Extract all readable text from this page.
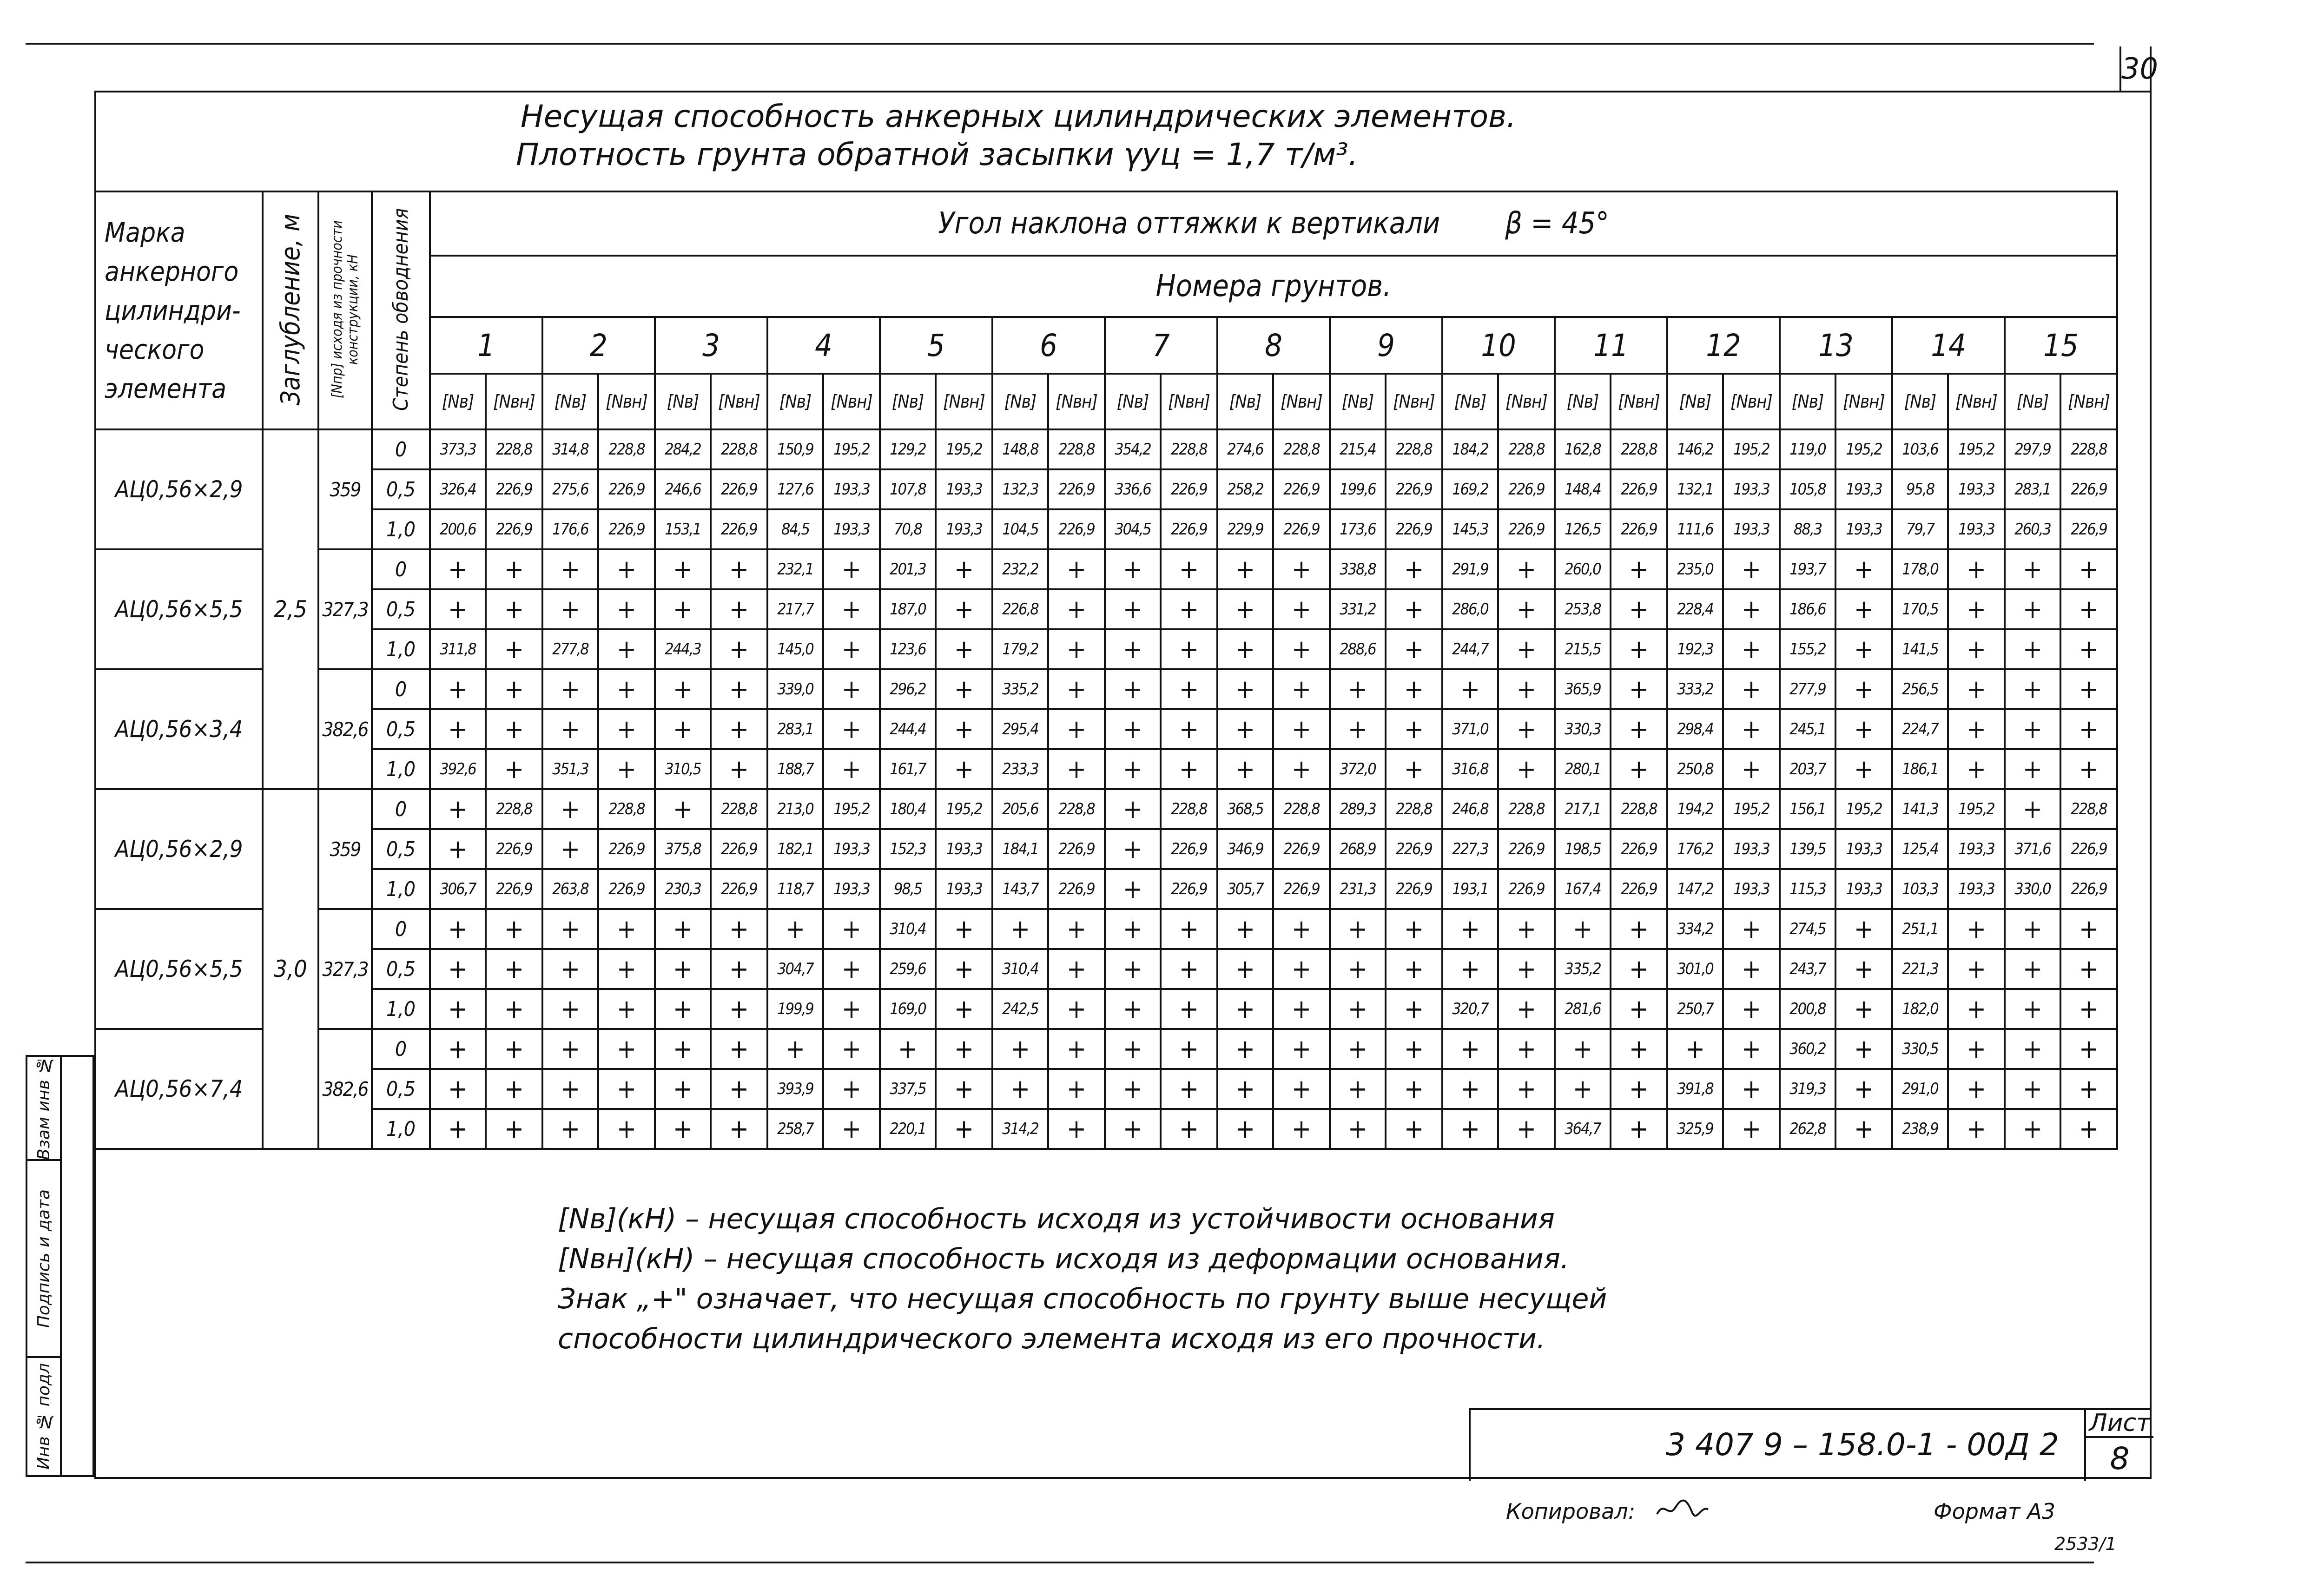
30
Несущая способность анкерных цилиндрических элементов.
Плотность грунта обратной засыпки γуц = 1,7 т/м³.
Взам инв №
Подпись и дата
Инв № подл
Марка анкерного цилиндри- ческого элемента	Заглубление, м	[Nпр] исходя из прочности конструкции, кН	Степень обводнения	Угол наклона оттяжки к вертикали β = 45°																													
				Номера грунтов.																													
				1		2		3		4		5		6		7		8		9		10		11		12		13		14		15	
				[Nв]	[Nвн]	[Nв]	[Nвн]	[Nв]	[Nвн]	[Nв]	[Nвн]	[Nв]	[Nвн]	[Nв]	[Nвн]	[Nв]	[Nвн]	[Nв]	[Nвн]	[Nв]	[Nвн]	[Nв]	[Nвн]	[Nв]	[Nвн]	[Nв]	[Nвн]	[Nв]	[Nвн]	[Nв]	[Nвн]	[Nв]	[Nвн]
АЦ0,56×2,9	2,5	359	0	373,3	228,8	314,8	228,8	284,2	228,8	150,9	195,2	129,2	195,2	148,8	228,8	354,2	228,8	274,6	228,8	215,4	228,8	184,2	228,8	162,8	228,8	146,2	195,2	119,0	195,2	103,6	195,2	297,9	228,8
			0,5	326,4	226,9	275,6	226,9	246,6	226,9	127,6	193,3	107,8	193,3	132,3	226,9	336,6	226,9	258,2	226,9	199,6	226,9	169,2	226,9	148,4	226,9	132,1	193,3	105,8	193,3	95,8	193,3	283,1	226,9
			1,0	200,6	226,9	176,6	226,9	153,1	226,9	84,5	193,3	70,8	193,3	104,5	226,9	304,5	226,9	229,9	226,9	173,6	226,9	145,3	226,9	126,5	226,9	111,6	193,3	88,3	193,3	79,7	193,3	260,3	226,9
АЦ0,56×5,5		327,3	0	+	+	+	+	+	+	232,1	+	201,3	+	232,2	+	+	+	+	+	338,8	+	291,9	+	260,0	+	235,0	+	193,7	+	178,0	+	+	+
			0,5	+	+	+	+	+	+	217,7	+	187,0	+	226,8	+	+	+	+	+	331,2	+	286,0	+	253,8	+	228,4	+	186,6	+	170,5	+	+	+
			1,0	311,8	+	277,8	+	244,3	+	145,0	+	123,6	+	179,2	+	+	+	+	+	288,6	+	244,7	+	215,5	+	192,3	+	155,2	+	141,5	+	+	+
АЦ0,56×3,4		382,6	0	+	+	+	+	+	+	339,0	+	296,2	+	335,2	+	+	+	+	+	+	+	+	+	365,9	+	333,2	+	277,9	+	256,5	+	+	+
			0,5	+	+	+	+	+	+	283,1	+	244,4	+	295,4	+	+	+	+	+	+	+	371,0	+	330,3	+	298,4	+	245,1	+	224,7	+	+	+
			1,0	392,6	+	351,3	+	310,5	+	188,7	+	161,7	+	233,3	+	+	+	+	+	372,0	+	316,8	+	280,1	+	250,8	+	203,7	+	186,1	+	+	+
АЦ0,56×2,9	3,0	359	0	+	228,8	+	228,8	+	228,8	213,0	195,2	180,4	195,2	205,6	228,8	+	228,8	368,5	228,8	289,3	228,8	246,8	228,8	217,1	228,8	194,2	195,2	156,1	195,2	141,3	195,2	+	228,8
			0,5	+	226,9	+	226,9	375,8	226,9	182,1	193,3	152,3	193,3	184,1	226,9	+	226,9	346,9	226,9	268,9	226,9	227,3	226,9	198,5	226,9	176,2	193,3	139,5	193,3	125,4	193,3	371,6	226,9
			1,0	306,7	226,9	263,8	226,9	230,3	226,9	118,7	193,3	98,5	193,3	143,7	226,9	+	226,9	305,7	226,9	231,3	226,9	193,1	226,9	167,4	226,9	147,2	193,3	115,3	193,3	103,3	193,3	330,0	226,9
АЦ0,56×5,5		327,3	0	+	+	+	+	+	+	+	+	310,4	+	+	+	+	+	+	+	+	+	+	+	+	+	334,2	+	274,5	+	251,1	+	+	+
			0,5	+	+	+	+	+	+	304,7	+	259,6	+	310,4	+	+	+	+	+	+	+	+	+	335,2	+	301,0	+	243,7	+	221,3	+	+	+
			1,0	+	+	+	+	+	+	199,9	+	169,0	+	242,5	+	+	+	+	+	+	+	320,7	+	281,6	+	250,7	+	200,8	+	182,0	+	+	+
АЦ0,56×7,4		382,6	0	+	+	+	+	+	+	+	+	+	+	+	+	+	+	+	+	+	+	+	+	+	+	+	+	360,2	+	330,5	+	+	+
			0,5	+	+	+	+	+	+	393,9	+	337,5	+	+	+	+	+	+	+	+	+	+	+	+	+	391,8	+	319,3	+	291,0	+	+	+
			1,0	+	+	+	+	+	+	258,7	+	220,1	+	314,2	+	+	+	+	+	+	+	+	+	364,7	+	325,9	+	262,8	+	238,9	+	+	+
[Nв](кН) – несущая способность исходя из устойчивости основания
[Nвн](кН) – несущая способность исходя из деформации основания.
Знак „+" означает, что несущая способность по грунту выше несущей
способности цилиндрического элемента исходя из его прочности.
3 407 9 – 158.0-1 - 00Д 2
Лист
8
Копировал:	Формат А3
2533/1
